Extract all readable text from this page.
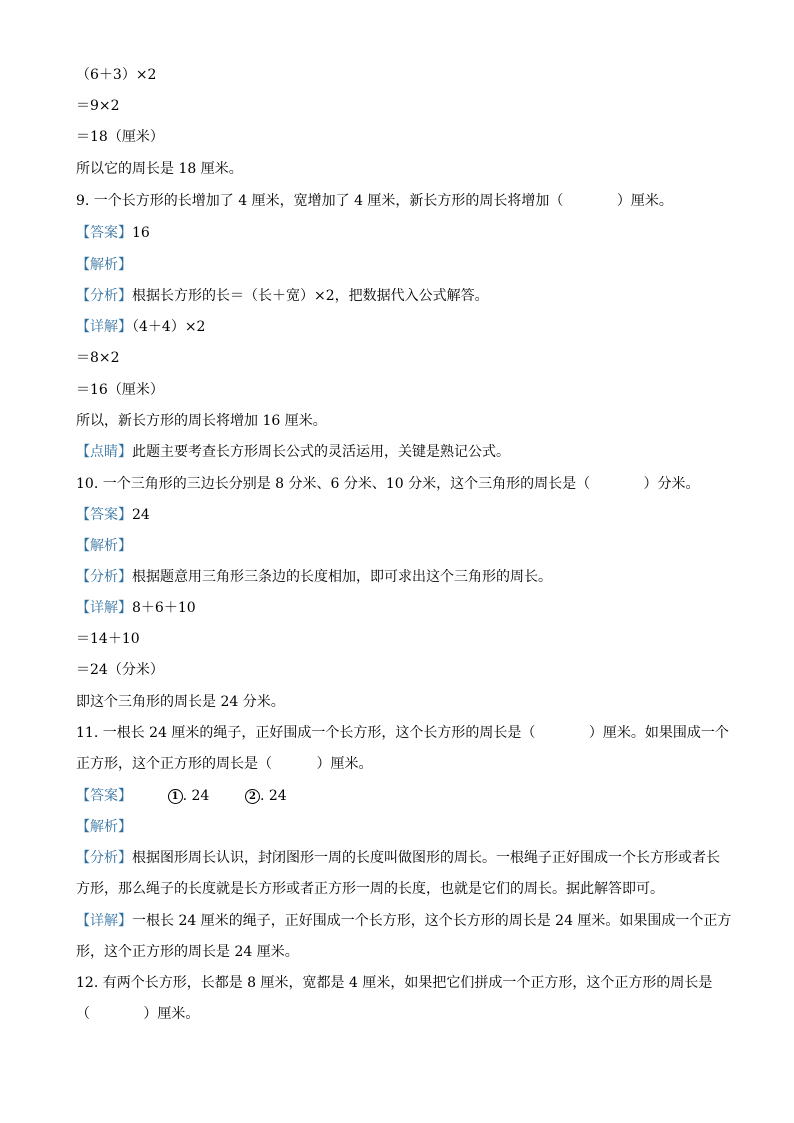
（6＋3）×2
＝9×2
＝18（厘米）
所以它的周长是 18 厘米。
9. 一个长方形的长增加了 4 厘米，宽增加了 4 厘米，新长方形的周长将增加（            ）厘米。
【答案】16
【解析】
【分析】根据长方形的长＝（长＋宽）×2，把数据代入公式解答。
【详解】（4＋4）×2
＝8×2
＝16（厘米）
所以，新长方形的周长将增加 16 厘米。
【点睛】此题主要考查长方形周长公式的灵活运用，关键是熟记公式。
10. 一个三角形的三边长分别是 8 分米、6 分米、10 分米，这个三角形的周长是（            ）分米。
【答案】24
【解析】
【分析】根据题意用三角形三条边的长度相加，即可求出这个三角形的周长。
【详解】8＋6＋10
＝14＋10
＝24（分米）
即这个三角形的周长是 24 分米。
11. 一根长 24 厘米的绳子，正好围成一个长方形，这个长方形的周长是（            ）厘米。如果围成一个
正方形，这个正方形的周长是（          ）厘米。
【答案】	1 . 24        2 . 24
【解析】
【分析】根据图形周长认识，封闭图形一周的长度叫做图形的周长。一根绳子正好围成一个长方形或者长
方形，那么绳子的长度就是长方形或者正方形一周的长度，也就是它们的周长。据此解答即可。
【详解】一根长 24 厘米的绳子，正好围成一个长方形，这个长方形的周长是 24 厘米。如果围成一个正方
形，这个正方形的周长是 24 厘米。
12. 有两个长方形，长都是 8 厘米，宽都是 4 厘米，如果把它们拼成一个正方形，这个正方形的周长是
（            ）厘米。
